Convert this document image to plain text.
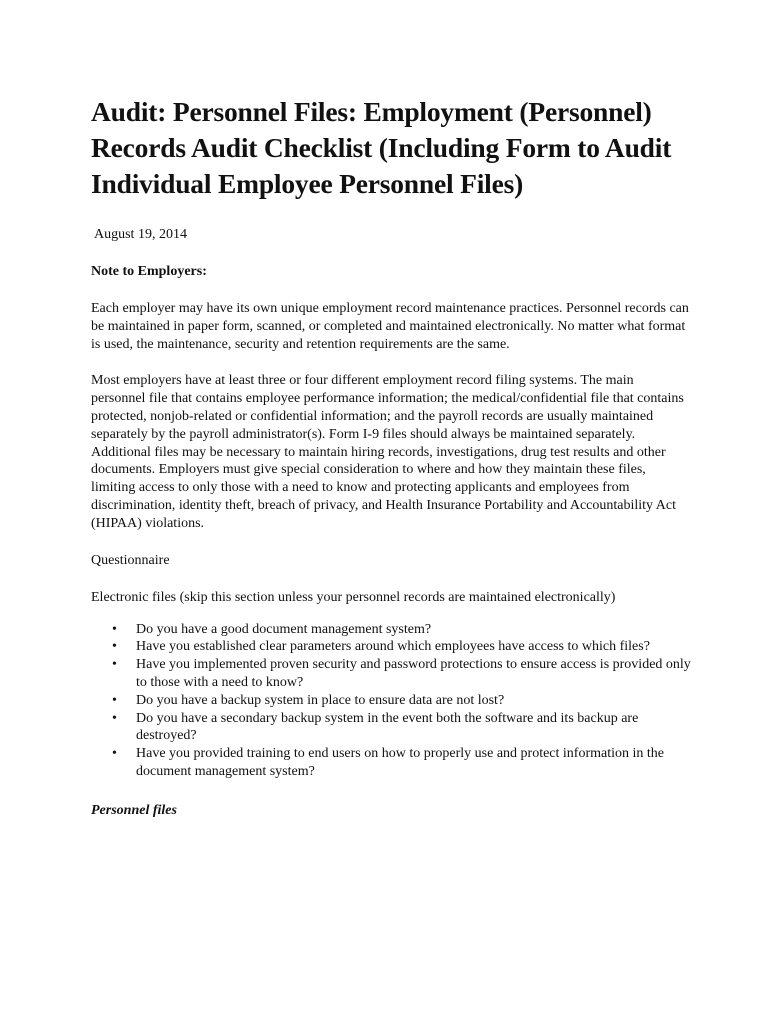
Audit: Personnel Files: Employment (Personnel) Records Audit Checklist (Including Form to Audit Individual Employee Personnel Files)
August 19, 2014
Note to Employers:

Each employer may have its own unique employment record maintenance practices. Personnel records can be maintained in paper form, scanned, or completed and maintained electronically. No matter what format is used, the maintenance, security and retention requirements are the same.

Most employers have at least three or four different employment record filing systems. The main personnel file that contains employee performance information; the medical/confidential file that contains protected, nonjob-related or confidential information; and the payroll records are usually maintained separately by the payroll administrator(s). Form I-9 files should always be maintained separately. Additional files may be necessary to maintain hiring records, investigations, drug test results and other documents. Employers must give special consideration to where and how they maintain these files, limiting access to only those with a need to know and protecting applicants and employees from discrimination, identity theft, breach of privacy, and Health Insurance Portability and Accountability Act (HIPAA) violations.

Questionnaire
Electronic files (skip this section unless your personnel records are maintained electronically)
• Do you have a good document management system?
• Have you established clear parameters around which employees have access to which files?
• Have you implemented proven security and password protections to ensure access is provided only to those with a need to know?
• Do you have a backup system in place to ensure data are not lost?
• Do you have a secondary backup system in the event both the software and its backup are destroyed?
• Have you provided training to end users on how to properly use and protect information in the document management system?
Personnel files
